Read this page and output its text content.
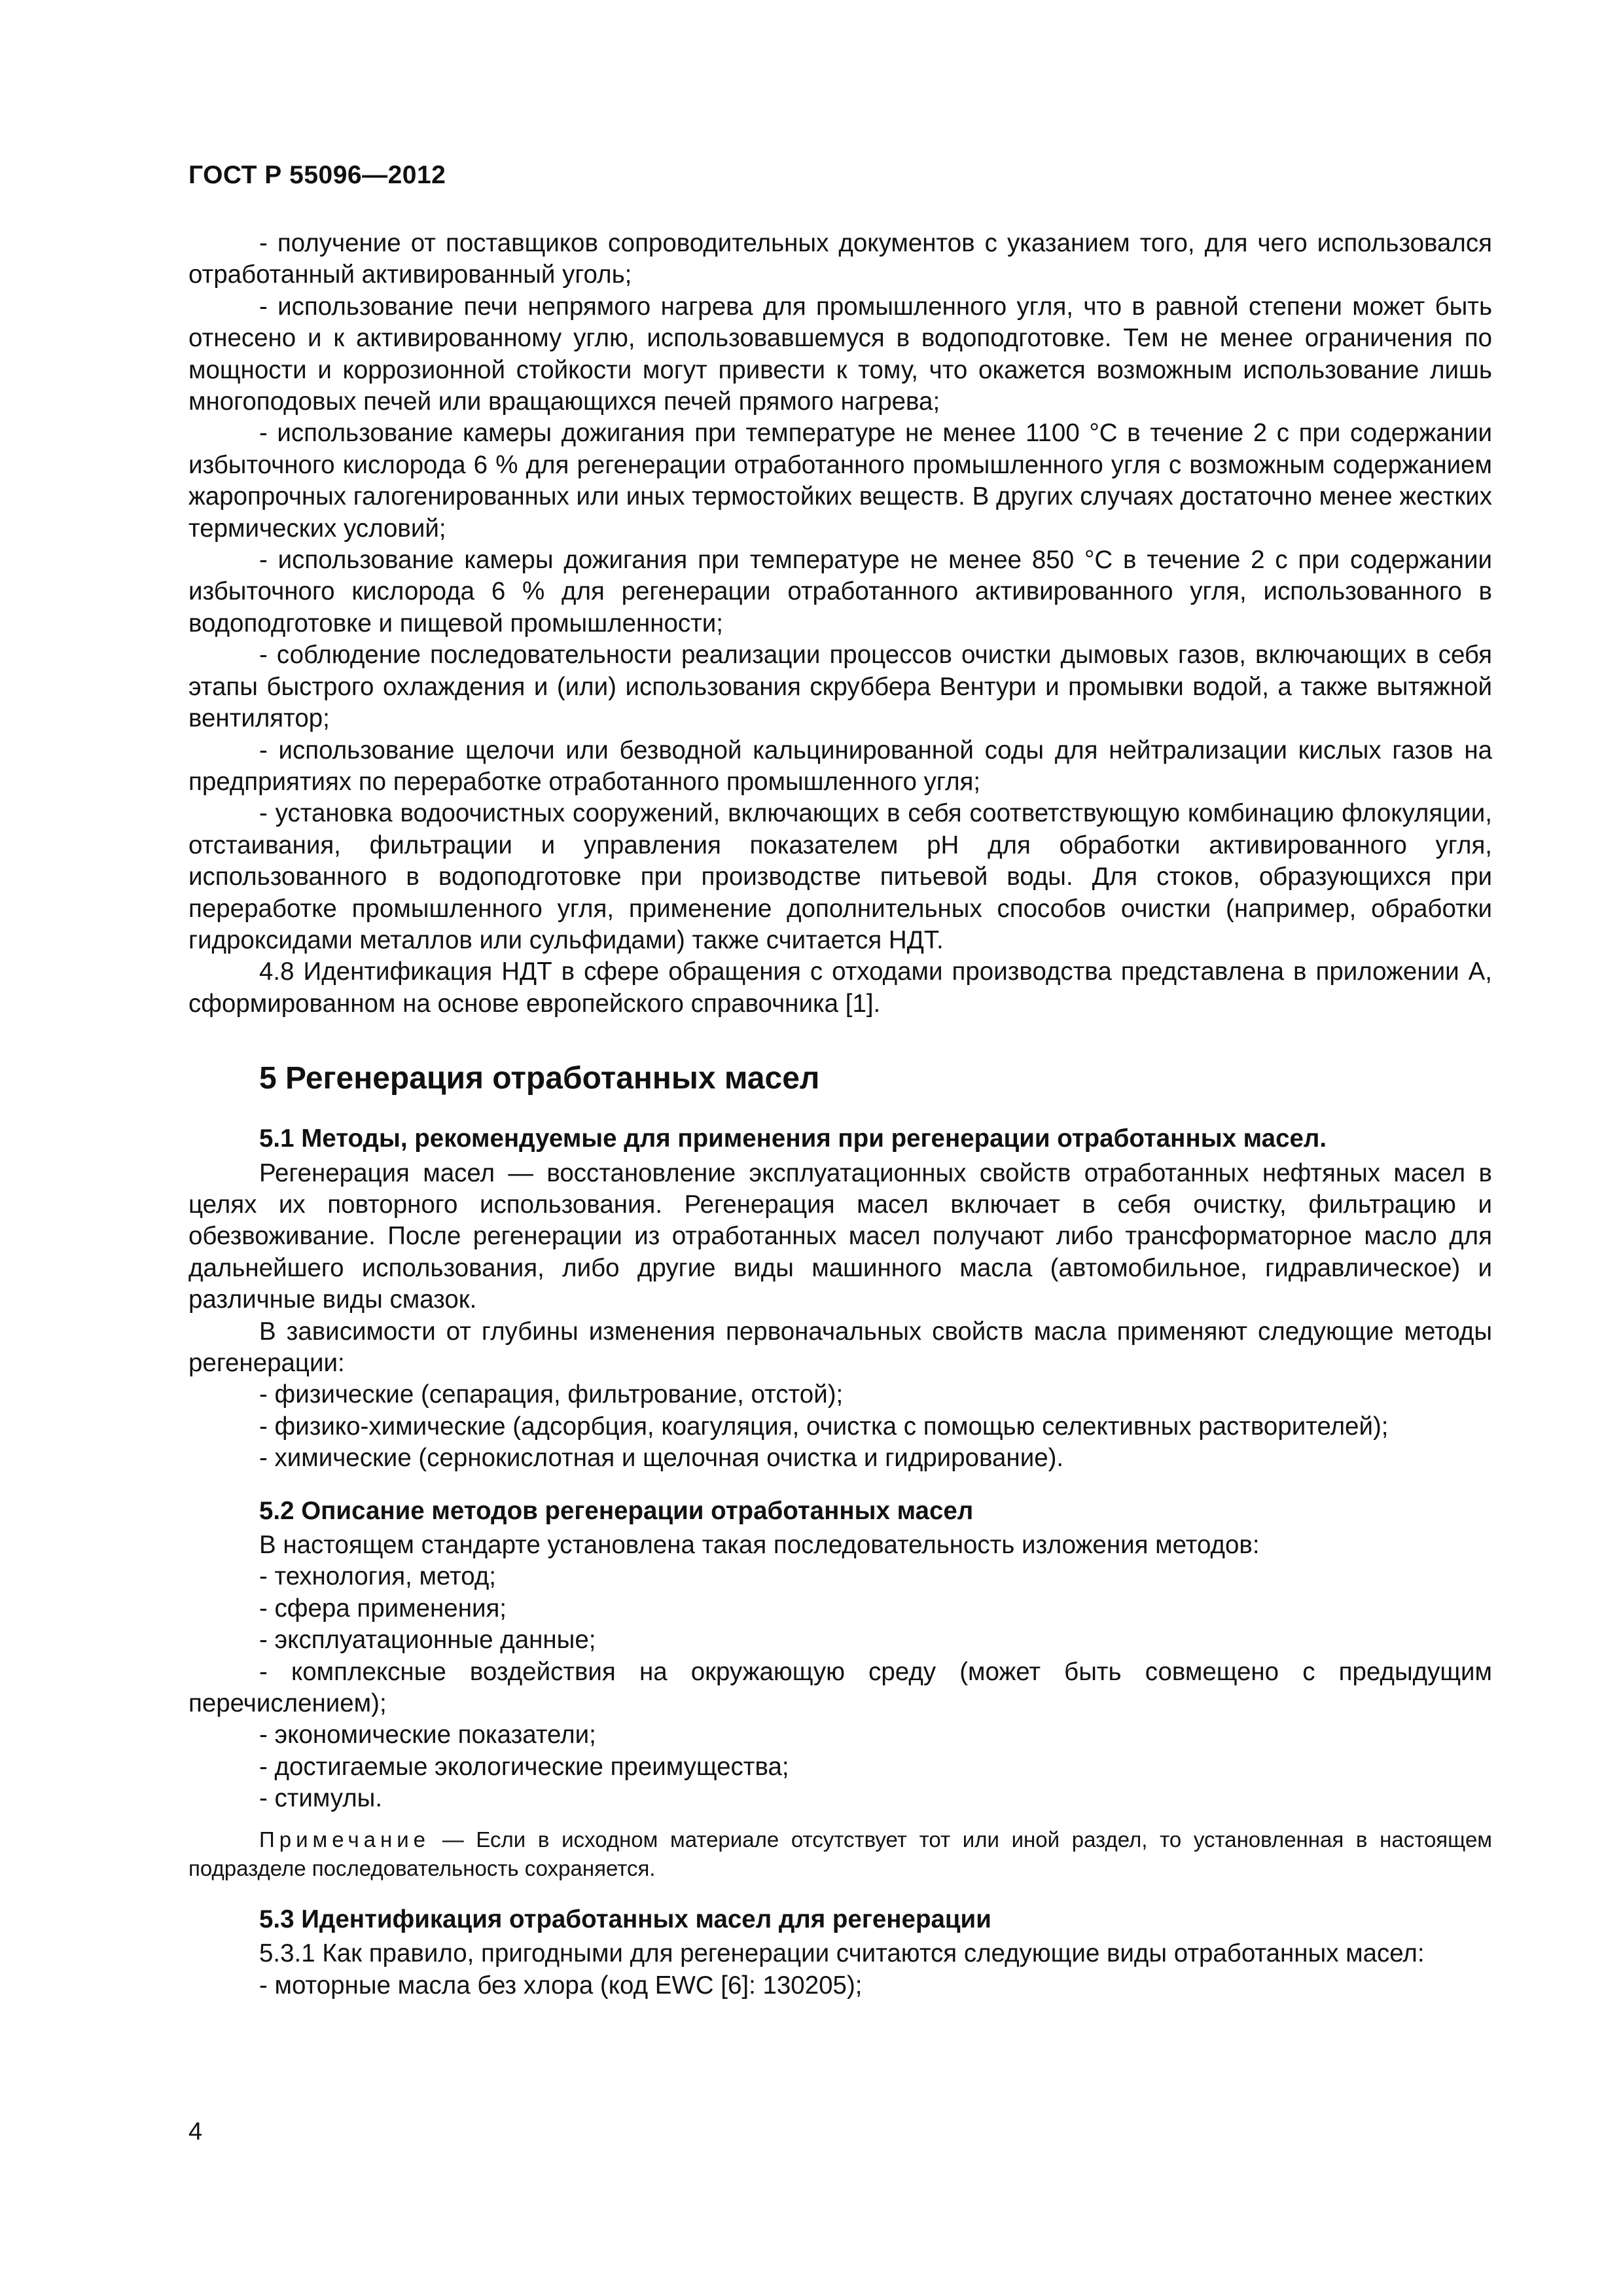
ГОСТ Р 55096—2012

- получение от поставщиков сопроводительных документов с указанием того, для чего использовался отработанный активированный уголь;

- использование печи непрямого нагрева для промышленного угля, что в равной степени может быть отнесено и к активированному углю, использовавшемуся в водоподготовке. Тем не менее ограничения по мощности и коррозионной стойкости могут привести к тому, что окажется возможным использование лишь многоподовых печей или вращающихся печей прямого нагрева;

- использование камеры дожигания при температуре не менее 1100 °С в течение 2 с при содержании избыточного кислорода 6 % для регенерации отработанного промышленного угля с возможным содержанием жаропрочных галогенированных или иных термостойких веществ. В других случаях достаточно менее жестких термических условий;

- использование камеры дожигания при температуре не менее 850 °С в течение 2 с при содержании избыточного кислорода 6 % для регенерации отработанного активированного угля, использованного в водоподготовке и пищевой промышленности;

- соблюдение последовательности реализации процессов очистки дымовых газов, включающих в себя этапы быстрого охлаждения и (или) использования скруббера Вентури и промывки водой, а также вытяжной вентилятор;

- использование щелочи или безводной кальцинированной соды для нейтрализации кислых газов на предприятиях по переработке отработанного промышленного угля;

- установка водоочистных сооружений, включающих в себя соответствующую комбинацию флокуляции, отстаивания, фильтрации и управления показателем рН для обработки активированного угля, использованного в водоподготовке при производстве питьевой воды. Для стоков, образующихся при переработке промышленного угля, применение дополнительных способов очистки (например, обработки гидроксидами металлов или сульфидами) также считается НДТ.

4.8 Идентификация НДТ в сфере обращения с отходами производства представлена в приложении А, сформированном на основе европейского справочника [1].

5 Регенерация отработанных масел
5.1 Методы, рекомендуемые для применения при регенерации отработанных масел.

Регенерация масел — восстановление эксплуатационных свойств отработанных нефтяных масел в целях их повторного использования. Регенерация масел включает в себя очистку, фильтрацию и обезвоживание. После регенерации из отработанных масел получают либо трансформаторное масло для дальнейшего использования, либо другие виды машинного масла (автомобильное, гидравлическое) и различные виды смазок.

В зависимости от глубины изменения первоначальных свойств масла применяют следующие методы регенерации:

- физические (сепарация, фильтрование, отстой);

- физико-химические (адсорбция, коагуляция, очистка с помощью селективных растворителей);

- химические (сернокислотная и щелочная очистка и гидрирование).

5.2 Описание методов регенерации отработанных масел

В настоящем стандарте установлена такая последовательность изложения методов:

- технология, метод;

- сфера применения;

- эксплуатационные данные;

- комплексные воздействия на окружающую среду (может быть совмещено с предыдущим перечислением);

- экономические показатели;

- достигаемые экологические преимущества;

- стимулы.

Примечание — Если в исходном материале отсутствует тот или иной раздел, то установленная в настоящем подразделе последовательность сохраняется.

5.3 Идентификация отработанных масел для регенерации

5.3.1 Как правило, пригодными для регенерации считаются следующие виды отработанных масел:

- моторные масла без хлора (код EWC [6]: 130205);

4
